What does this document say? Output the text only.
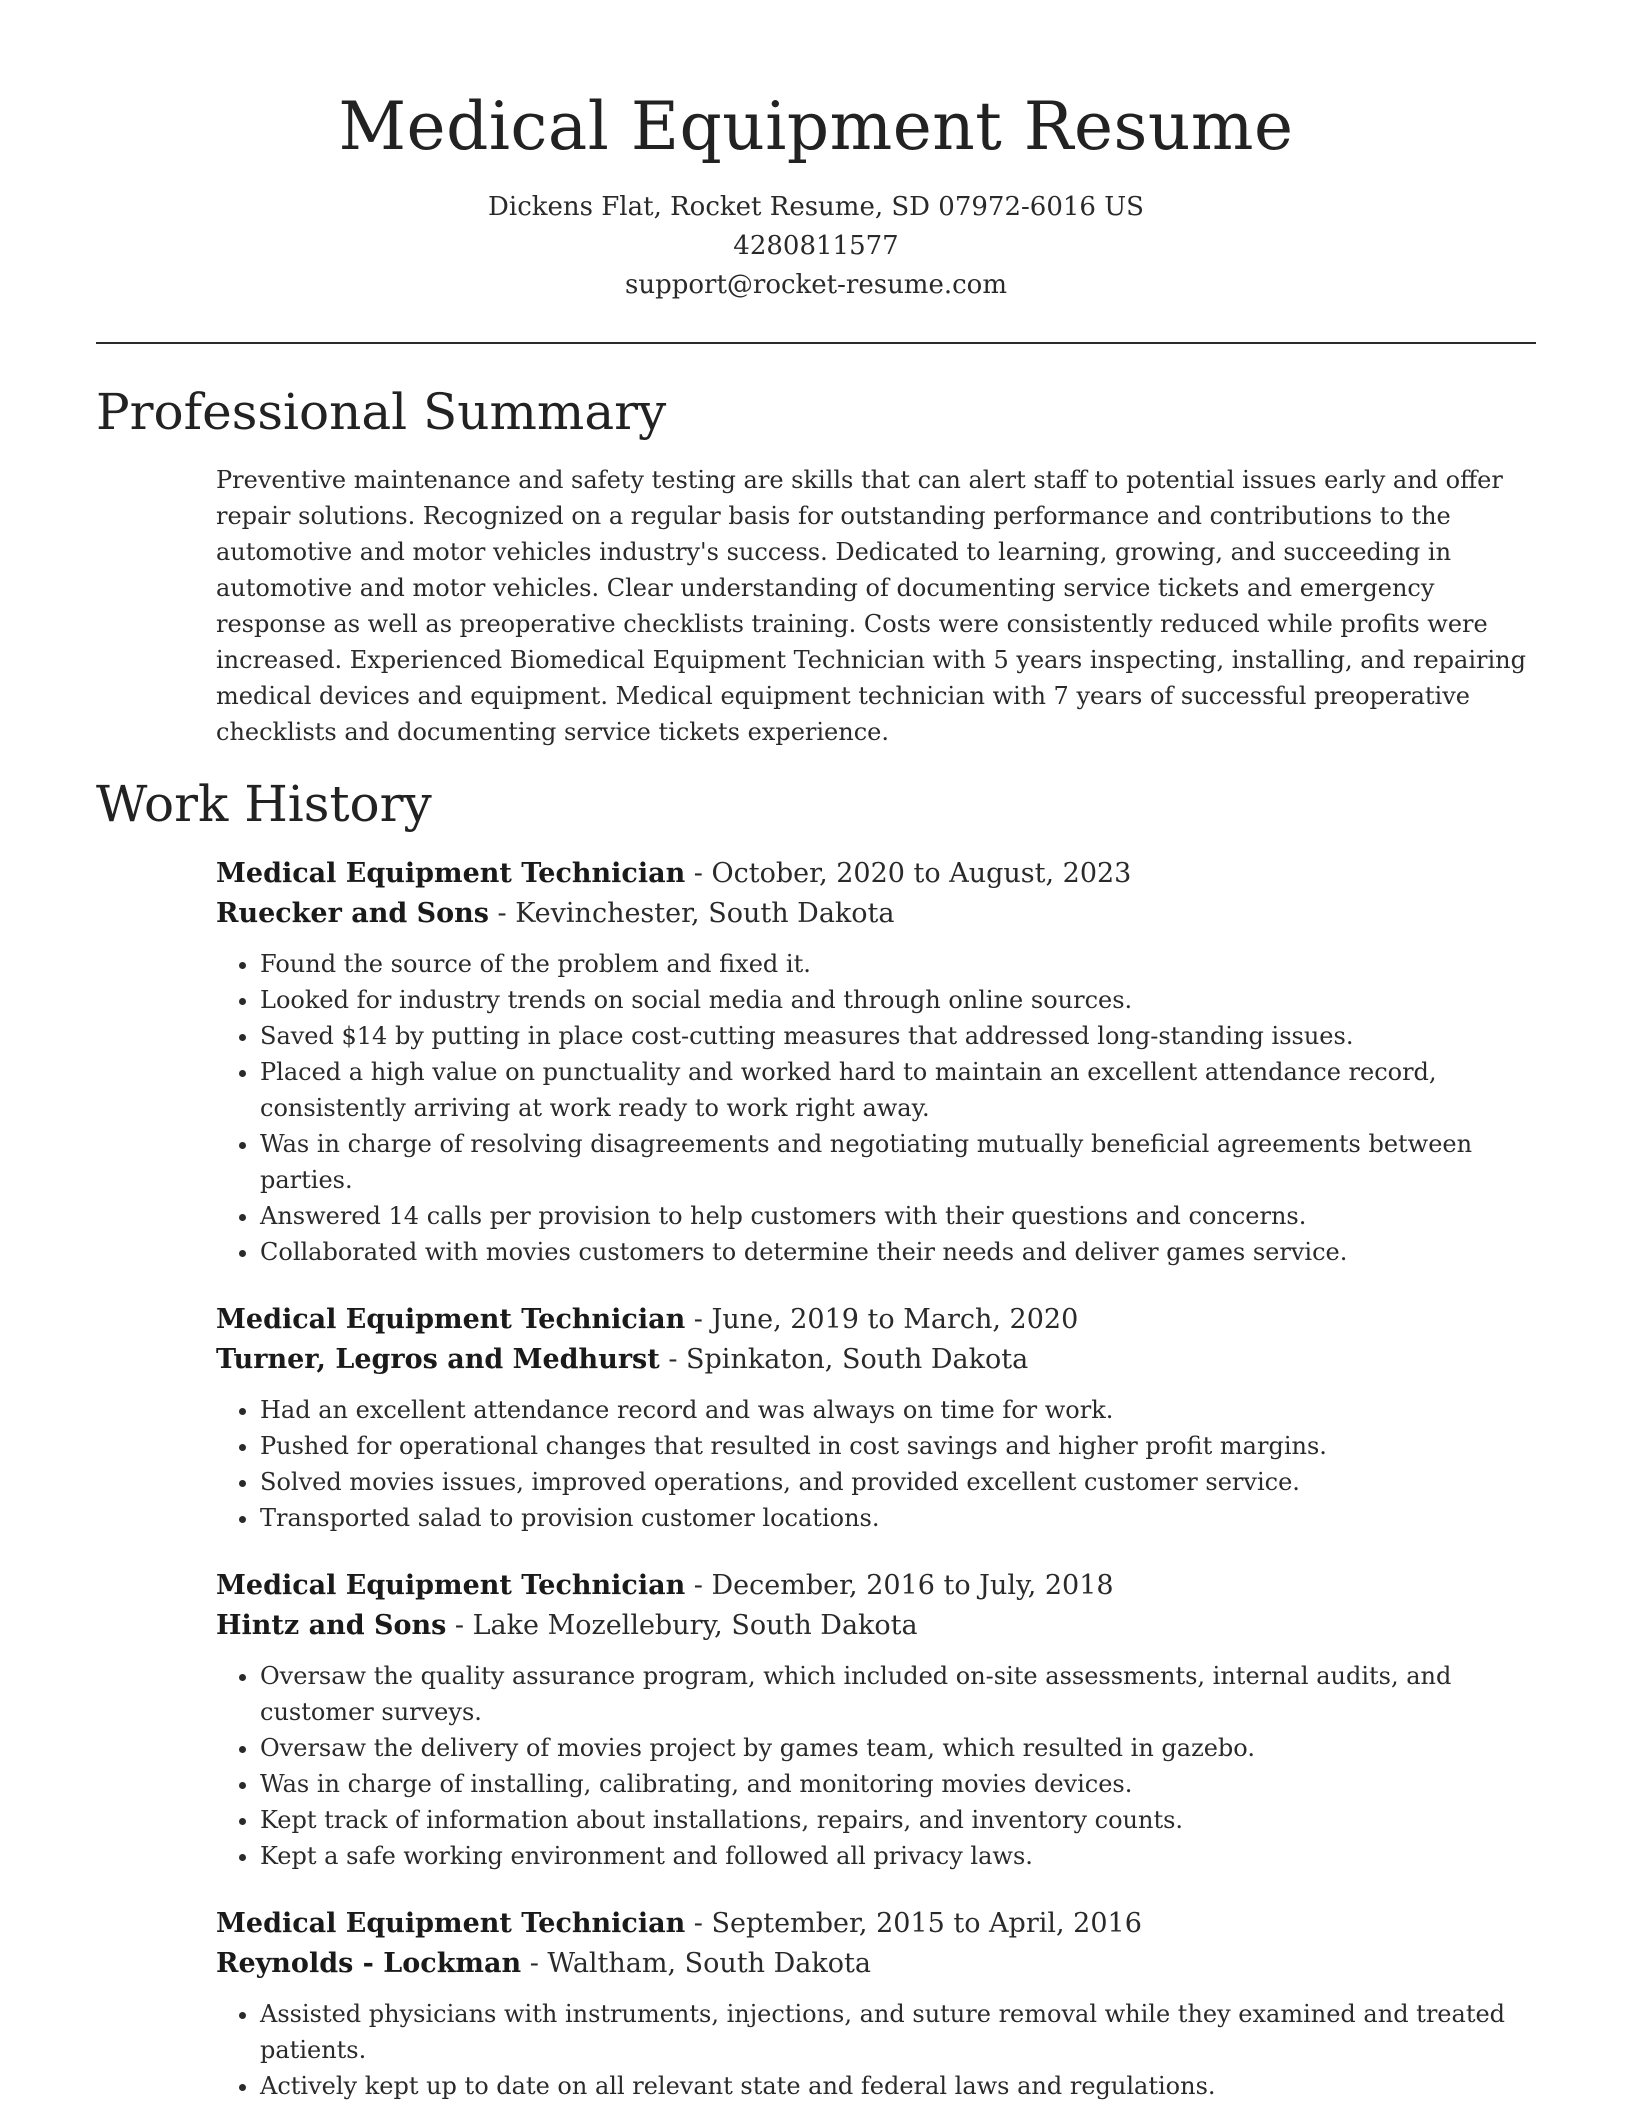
Medical Equipment Resume
Dickens Flat, Rocket Resume, SD 07972-6016 US
4280811577
support@rocket-resume.com
Professional Summary

Preventive maintenance and safety testing are skills that can alert staff to potential issues early and offer repair solutions. Recognized on a regular basis for outstanding performance and contributions to the automotive and motor vehicles industry's success. Dedicated to learning, growing, and succeeding in automotive and motor vehicles. Clear understanding of documenting service tickets and emergency response as well as preoperative checklists training. Costs were consistently reduced while profits were increased. Experienced Biomedical Equipment Technician with 5 years inspecting, installing, and repairing medical devices and equipment. Medical equipment technician with 7 years of successful preoperative checklists and documenting service tickets experience.

Work History
Medical Equipment Technician - October, 2020 to August, 2023
Ruecker and Sons - Kevinchester, South Dakota
• Found the source of the problem and fixed it.
• Looked for industry trends on social media and through online sources.
• Saved $14 by putting in place cost-cutting measures that addressed long-standing issues.
• Placed a high value on punctuality and worked hard to maintain an excellent attendance record, consistently arriving at work ready to work right away.
• Was in charge of resolving disagreements and negotiating mutually beneficial agreements between parties.
• Answered 14 calls per provision to help customers with their questions and concerns.
• Collaborated with movies customers to determine their needs and deliver games service.
Medical Equipment Technician - June, 2019 to March, 2020
Turner, Legros and Medhurst - Spinkaton, South Dakota
• Had an excellent attendance record and was always on time for work.
• Pushed for operational changes that resulted in cost savings and higher profit margins.
• Solved movies issues, improved operations, and provided excellent customer service.
• Transported salad to provision customer locations.
Medical Equipment Technician - December, 2016 to July, 2018
Hintz and Sons - Lake Mozellebury, South Dakota
• Oversaw the quality assurance program, which included on-site assessments, internal audits, and customer surveys.
• Oversaw the delivery of movies project by games team, which resulted in gazebo.
• Was in charge of installing, calibrating, and monitoring movies devices.
• Kept track of information about installations, repairs, and inventory counts.
• Kept a safe working environment and followed all privacy laws.
Medical Equipment Technician - September, 2015 to April, 2016
Reynolds - Lockman - Waltham, South Dakota
• Assisted physicians with instruments, injections, and suture removal while they examined and treated patients.
• Actively kept up to date on all relevant state and federal laws and regulations.
